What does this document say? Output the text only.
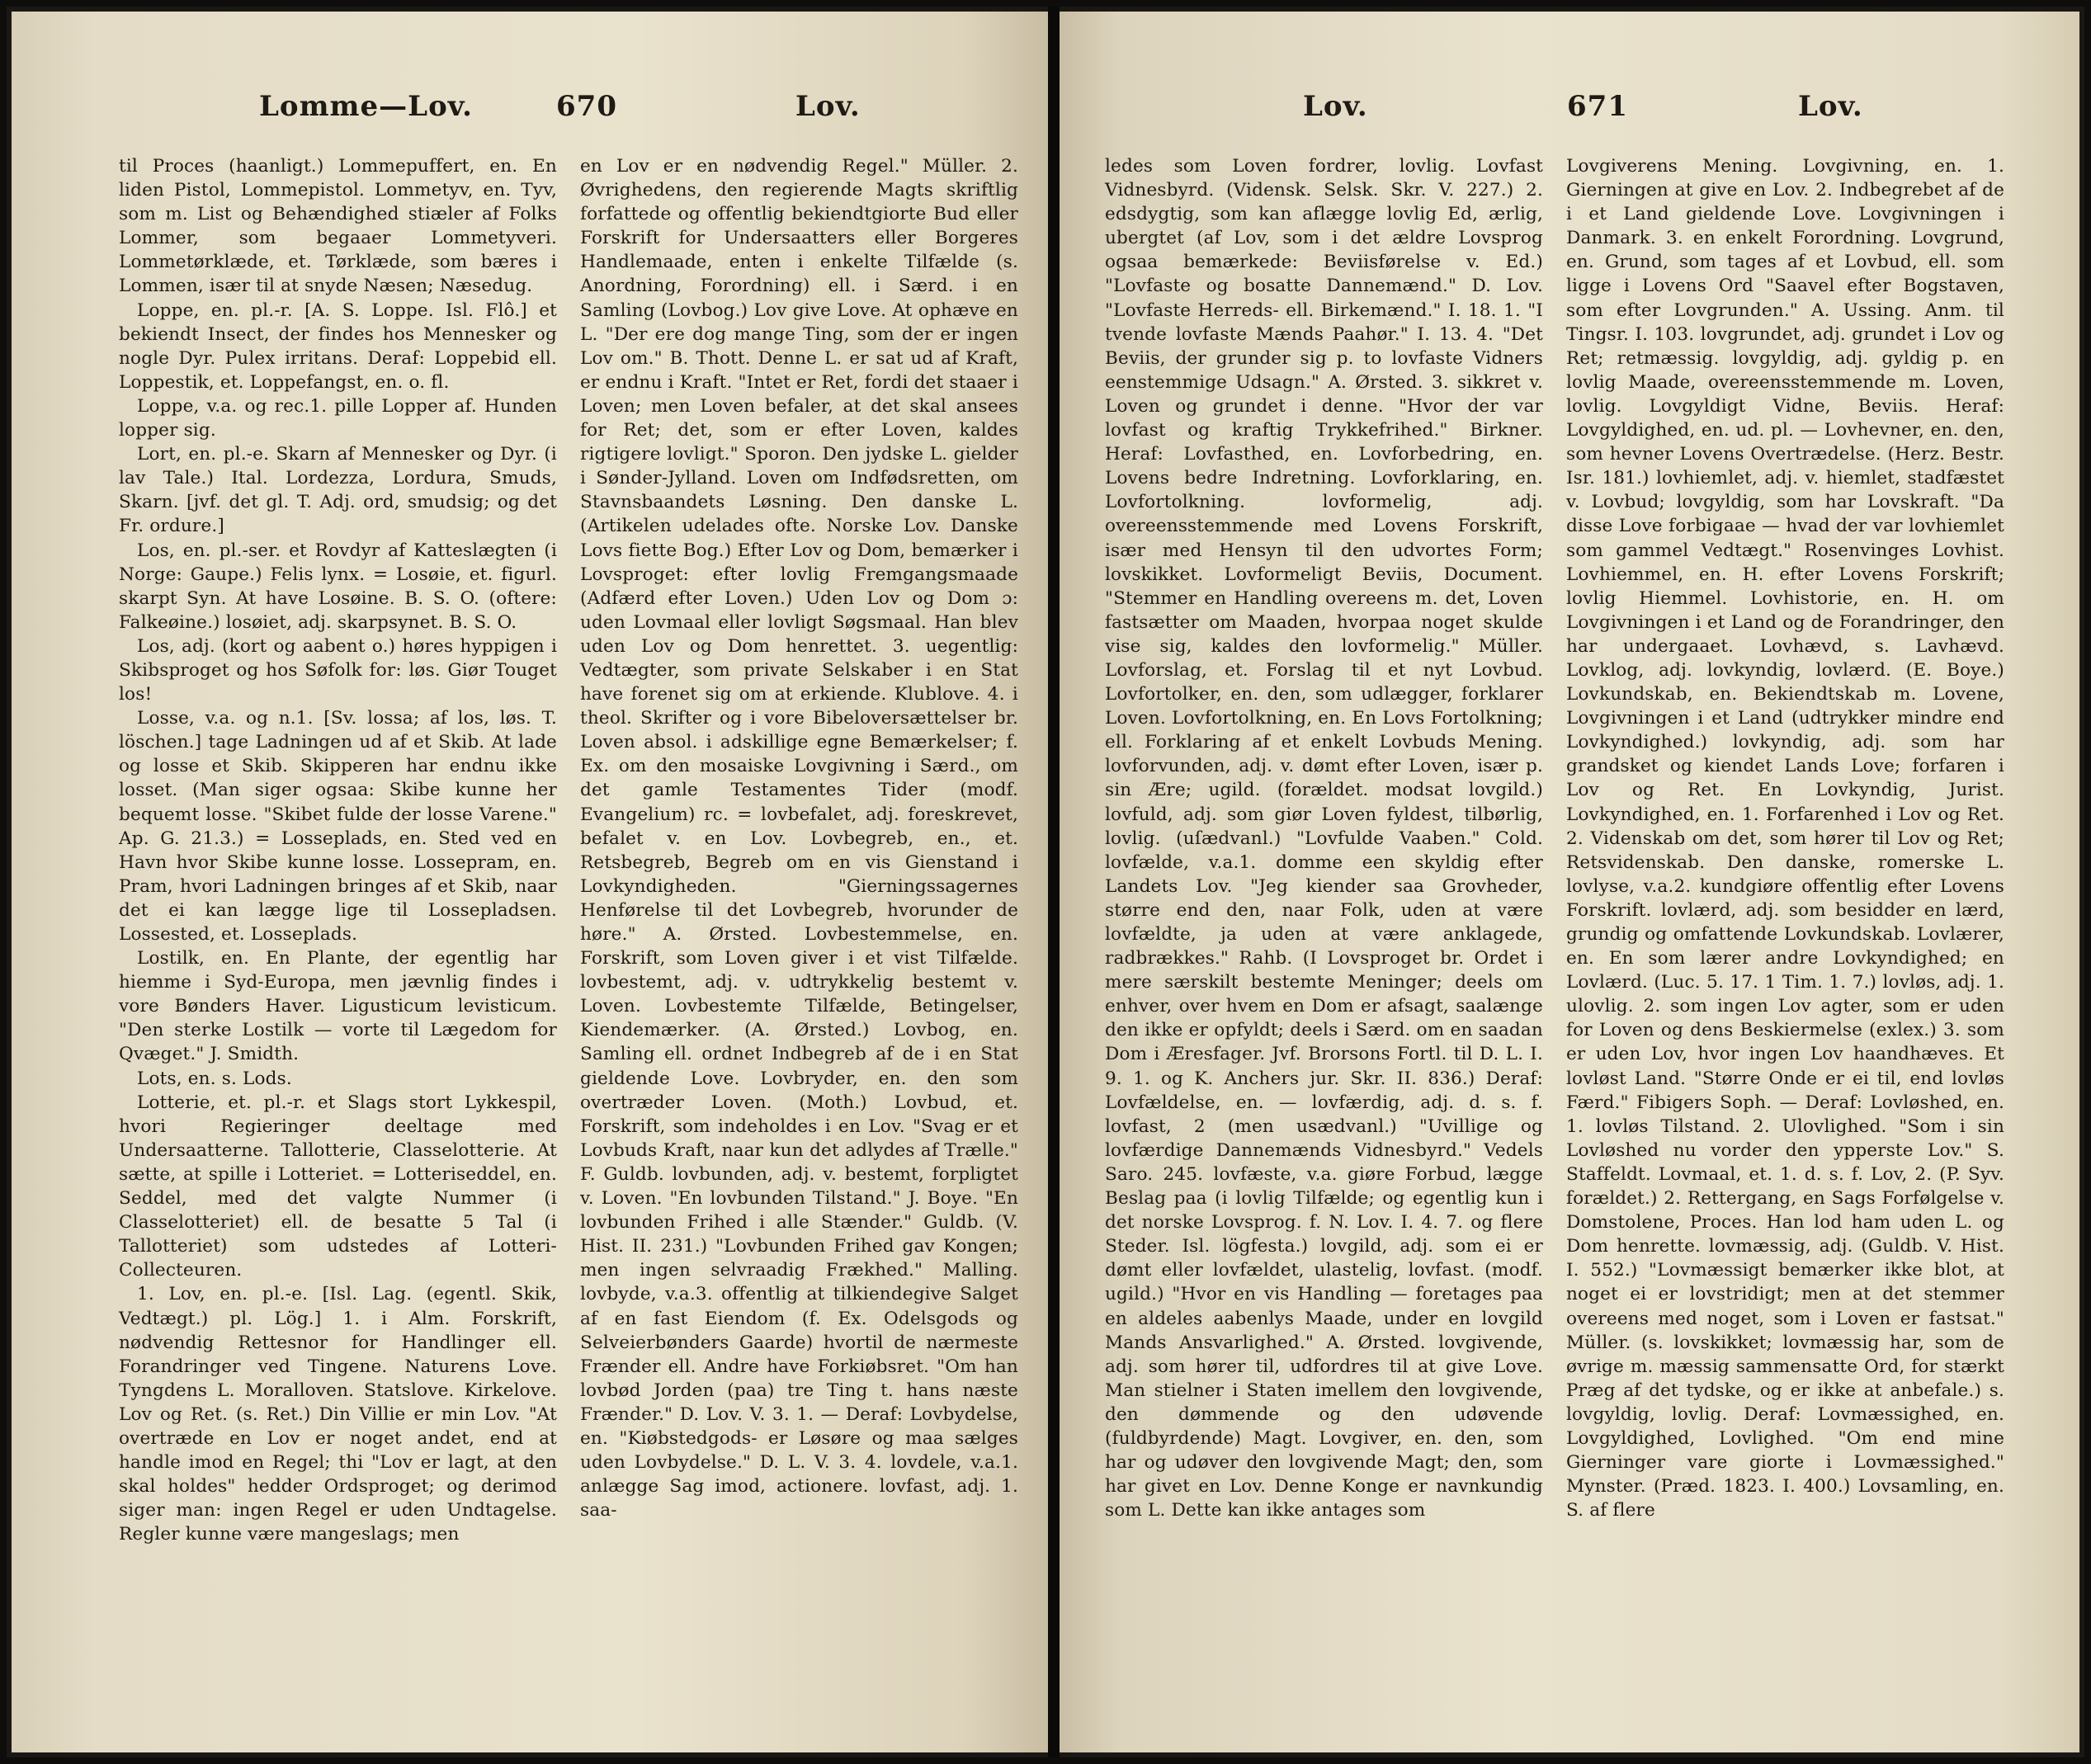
Lomme—Lov.	670	Lov.

til Proces (haanligt.) Lommepuffert, en. En liden Pistol, Lommepistol. Lommetyv, en. Tyv, som m. List og Behændighed stiæler af Folks Lommer, som begaaer Lommetyveri. Lommetørklæde, et. Tørklæde, som bæres i Lommen, især til at snyde Næsen; Næsedug.

Loppe, en. pl.-r. [A. S. Loppe. Isl. Flô.] et bekiendt Insect, der findes hos Mennesker og nogle Dyr. Pulex irritans. Deraf: Loppebid ell. Loppestik, et. Loppefangst, en. o. fl.

Loppe, v.a. og rec.1. pille Lopper af. Hunden lopper sig.

Lort, en. pl.-e. Skarn af Mennesker og Dyr. (i lav Tale.) Ital. Lordezza, Lordura, Smuds, Skarn. [jvf. det gl. T. Adj. ord, smudsig; og det Fr. ordure.]

Los, en. pl.-ser. et Rovdyr af Katteslægten (i Norge: Gaupe.) Felis lynx. = Losøie, et. figurl. skarpt Syn. At have Losøine. B. S. O. (oftere: Falkeøine.) losøiet, adj. skarpsynet. B. S. O.

Los, adj. (kort og aabent o.) høres hyppigen i Skibsproget og hos Søfolk for: løs. Giør Touget los!

Losse, v.a. og n.1. [Sv. lossa; af los, løs. T. löschen.] tage Ladningen ud af et Skib. At lade og losse et Skib. Skipperen har endnu ikke losset. (Man siger ogsaa: Skibe kunne her bequemt losse. "Skibet fulde der losse Varene." Ap. G. 21.3.) = Losseplads, en. Sted ved en Havn hvor Skibe kunne losse. Lossepram, en. Pram, hvori Ladningen bringes af et Skib, naar det ei kan lægge lige til Lossepladsen. Lossested, et. Losseplads.

Lostilk, en. En Plante, der egentlig har hiemme i Syd-Europa, men jævnlig findes i vore Bønders Haver. Ligusticum levisticum. "Den sterke Lostilk — vorte til Lægedom for Qvæget." J. Smidth.

Lots, en. s. Lods.

Lotterie, et. pl.-r. et Slags stort Lykkespil, hvori Regieringer deeltage med Undersaatterne. Tallotterie, Classelotterie. At sætte, at spille i Lotteriet. = Lotteriseddel, en. Seddel, med det valgte Nummer (i Classelotteriet) ell. de besatte 5 Tal (i Tallotteriet) som udstedes af Lotteri-Collecteuren.

1. Lov, en. pl.-e. [Isl. Lag. (egentl. Skik, Vedtægt.) pl. Lög.] 1. i Alm. Forskrift, nødvendig Rettesnor for Handlinger ell. Forandringer ved Tingene. Naturens Love. Tyngdens L. Moralloven. Statslove. Kirkelove. Lov og Ret. (s. Ret.) Din Villie er min Lov. "At overtræde en Lov er noget andet, end at handle imod en Regel; thi "Lov er lagt, at den skal holdes" hedder Ordsproget; og derimod siger man: ingen Regel er uden Undtagelse. Regler kunne være mangeslags; men

en Lov er en nødvendig Regel." Müller. 2. Øvrighedens, den regierende Magts skriftlig forfattede og offentlig bekiendtgiorte Bud eller Forskrift for Undersaatters eller Borgeres Handlemaade, enten i enkelte Tilfælde (s. Anordning, Forordning) ell. i Særd. i en Samling (Lovbog.) Lov give Love. At ophæve en L. "Der ere dog mange Ting, som der er ingen Lov om." B. Thott. Denne L. er sat ud af Kraft, er endnu i Kraft. "Intet er Ret, fordi det staaer i Loven; men Loven befaler, at det skal ansees for Ret; det, som er efter Loven, kaldes rigtigere lovligt." Sporon. Den jydske L. gielder i Sønder-Jylland. Loven om Indfødsretten, om Stavnsbaandets Løsning. Den danske L. (Artikelen udelades ofte. Norske Lov. Danske Lovs fiette Bog.) Efter Lov og Dom, bemærker i Lovsproget: efter lovlig Fremgangsmaade (Adfærd efter Loven.) Uden Lov og Dom ɔ: uden Lovmaal eller lovligt Søgsmaal. Han blev uden Lov og Dom henrettet. 3. uegentlig: Vedtægter, som private Selskaber i en Stat have forenet sig om at erkiende. Klublove. 4. i theol. Skrifter og i vore Bibeloversættelser br. Loven absol. i adskillige egne Bemærkelser; f. Ex. om den mosaiske Lovgivning i Særd., om det gamle Testamentes Tider (modf. Evangelium) rc. = lovbefalet, adj. foreskrevet, befalet v. en Lov. Lovbegreb, en., et. Retsbegreb, Begreb om en vis Gienstand i Lovkyndigheden. "Gierningssagernes Henførelse til det Lovbegreb, hvorunder de høre." A. Ørsted. Lovbestemmelse, en. Forskrift, som Loven giver i et vist Tilfælde. lovbestemt, adj. v. udtrykkelig bestemt v. Loven. Lovbestemte Tilfælde, Betingelser, Kiendemærker. (A. Ørsted.) Lovbog, en. Samling ell. ordnet Indbegreb af de i en Stat gieldende Love. Lovbryder, en. den som overtræder Loven. (Moth.) Lovbud, et. Forskrift, som indeholdes i en Lov. "Svag er et Lovbuds Kraft, naar kun det adlydes af Trælle." F. Guldb. lovbunden, adj. v. bestemt, forpligtet v. Loven. "En lovbunden Tilstand." J. Boye. "En lovbunden Frihed i alle Stænder." Guldb. (V. Hist. II. 231.) "Lovbunden Frihed gav Kongen; men ingen selvraadig Frækhed." Malling. lovbyde, v.a.3. offentlig at tilkiendegive Salget af en fast Eiendom (f. Ex. Odelsgods og Selveierbønders Gaarde) hvortil de nærmeste Frænder ell. Andre have Forkiøbsret. "Om han lovbød Jorden (paa) tre Ting t. hans næste Frænder." D. Lov. V. 3. 1. — Deraf: Lovbydelse, en. "Kiøbstedgods- er Løsøre og maa sælges uden Lovbydelse." D. L. V. 3. 4. lovdele, v.a.1. anlægge Sag imod, actionere. lovfast, adj. 1. saa-

Lov.	671	Lov.

ledes som Loven fordrer, lovlig. Lovfast Vidnesbyrd. (Vidensk. Selsk. Skr. V. 227.) 2. edsdygtig, som kan aflægge lovlig Ed, ærlig, ubergtet (af Lov, som i det ældre Lovsprog ogsaa bemærkede: Beviisførelse v. Ed.) "Lovfaste og bosatte Dannemænd." D. Lov. "Lovfaste Herreds- ell. Birkemænd." I. 18. 1. "I tvende lovfaste Mænds Paahør." I. 13. 4. "Det Beviis, der grunder sig p. to lovfaste Vidners eenstemmige Udsagn." A. Ørsted. 3. sikkret v. Loven og grundet i denne. "Hvor der var lovfast og kraftig Trykkefrihed." Birkner. Heraf: Lovfasthed, en. Lovforbedring, en. Lovens bedre Indretning. Lovforklaring, en. Lovfortolkning. lovformelig, adj. overeensstemmende med Lovens Forskrift, især med Hensyn til den udvortes Form; lovskikket. Lovformeligt Beviis, Document. "Stemmer en Handling overeens m. det, Loven fastsætter om Maaden, hvorpaa noget skulde vise sig, kaldes den lovformelig." Müller. Lovforslag, et. Forslag til et nyt Lovbud. Lovfortolker, en. den, som udlægger, forklarer Loven. Lovfortolkning, en. En Lovs Fortolkning; ell. Forklaring af et enkelt Lovbuds Mening. lovforvunden, adj. v. dømt efter Loven, især p. sin Ære; ugild. (forældet. modsat lovgild.) lovfuld, adj. som giør Loven fyldest, tilbørlig, lovlig. (uſædvanl.) "Lovfulde Vaaben." Cold. lovfælde, v.a.1. domme een skyldig efter Landets Lov. "Jeg kiender saa Grovheder, større end den, naar Folk, uden at være lovfældte, ja uden at være anklagede, radbrækkes." Rahb. (I Lovsproget br. Ordet i mere særskilt bestemte Meninger; deels om enhver, over hvem en Dom er afsagt, saalænge den ikke er opfyldt; deels i Særd. om en saadan Dom i Æresfager. Jvf. Brorsons Fortl. til D. L. I. 9. 1. og K. Anchers jur. Skr. II. 836.) Deraf: Lovfældelse, en. — lovfærdig, adj. d. s. f. lovfast, 2 (men usædvanl.) "Uvillige og lovfærdige Dannemænds Vidnesbyrd." Vedels Saro. 245. lovfæste, v.a. giøre Forbud, lægge Beslag paa (i lovlig Tilfælde; og egentlig kun i det norske Lovsprog. f. N. Lov. I. 4. 7. og flere Steder. Isl. lögfesta.) lovgild, adj. som ei er dømt eller lovfældet, ulastelig, lovfast. (modf. ugild.) "Hvor en vis Handling — foretages paa en aldeles aabenlys Maade, under en lovgild Mands Ansvarlighed." A. Ørsted. lovgivende, adj. som hører til, udfordres til at give Love. Man stielner i Staten imellem den lovgivende, den dømmende og den udøvende (fuldbyrdende) Magt. Lovgiver, en. den, som har og udøver den lovgivende Magt; den, som har givet en Lov. Denne Konge er navnkundig som L. Dette kan ikke antages som

Lovgiverens Mening. Lovgivning, en. 1. Gierningen at give en Lov. 2. Indbegrebet af de i et Land gieldende Love. Lovgivningen i Danmark. 3. en enkelt Forordning. Lovgrund, en. Grund, som tages af et Lovbud, ell. som ligge i Lovens Ord "Saavel efter Bogstaven, som efter Lovgrunden." A. Ussing. Anm. til Tingsr. I. 103. lovgrundet, adj. grundet i Lov og Ret; retmæssig. lovgyldig, adj. gyldig p. en lovlig Maade, overeensstemmende m. Loven, lovlig. Lovgyldigt Vidne, Beviis. Heraf: Lovgyldighed, en. ud. pl. — Lovhevner, en. den, som hevner Lovens Overtrædelse. (Herz. Bestr. Isr. 181.) lovhiemlet, adj. v. hiemlet, stadfæstet v. Lovbud; lovgyldig, som har Lovskraft. "Da disse Love forbigaae — hvad der var lovhiemlet som gammel Vedtægt." Rosenvinges Lovhist. Lovhiemmel, en. H. efter Lovens Forskrift; lovlig Hiemmel. Lovhistorie, en. H. om Lovgivningen i et Land og de Forandringer, den har undergaaet. Lovhævd, s. Lavhævd. Lovklog, adj. lovkyndig, lovlærd. (E. Boye.) Lovkundskab, en. Bekiendtskab m. Lovene, Lovgivningen i et Land (udtrykker mindre end Lovkyndighed.) lovkyndig, adj. som har grandsket og kiendet Lands Love; forfaren i Lov og Ret. En Lovkyndig, Jurist. Lovkyndighed, en. 1. Forfarenhed i Lov og Ret. 2. Videnskab om det, som hører til Lov og Ret; Retsvidenskab. Den danske, romerske L. lovlyse, v.a.2. kundgiøre offentlig efter Lovens Forskrift. lovlærd, adj. som besidder en lærd, grundig og omfattende Lovkundskab. Lovlærer, en. En som lærer andre Lovkyndighed; en Lovlærd. (Luc. 5. 17. 1 Tim. 1. 7.) lovløs, adj. 1. ulovlig. 2. som ingen Lov agter, som er uden for Loven og dens Beskiermelse (exlex.) 3. som er uden Lov, hvor ingen Lov haandhæves. Et lovløst Land. "Større Onde er ei til, end lovløs Færd." Fibigers Soph. — Deraf: Lovløshed, en. 1. lovløs Tilstand. 2. Ulovlighed. "Som i sin Lovløshed nu vorder den ypperste Lov." S. Staffeldt. Lovmaal, et. 1. d. s. f. Lov, 2. (P. Syv. forældet.) 2. Rettergang, en Sags Forfølgelse v. Domstolene, Proces. Han lod ham uden L. og Dom henrette. lovmæssig, adj. (Guldb. V. Hist. I. 552.) "Lovmæssigt bemærker ikke blot, at noget ei er lovstridigt; men at det stemmer overeens med noget, som i Loven er fastsat." Müller. (s. lovskikket; lovmæssig har, som de øvrige m. mæssig sammensatte Ord, for stærkt Præg af det tydske, og er ikke at anbefale.) s. lovgyldig, lovlig. Deraf: Lovmæssighed, en. Lovgyldighed, Lovlighed. "Om end mine Gierninger vare giorte i Lovmæssighed." Mynster. (Præd. 1823. I. 400.) Lovsamling, en. S. af flere
